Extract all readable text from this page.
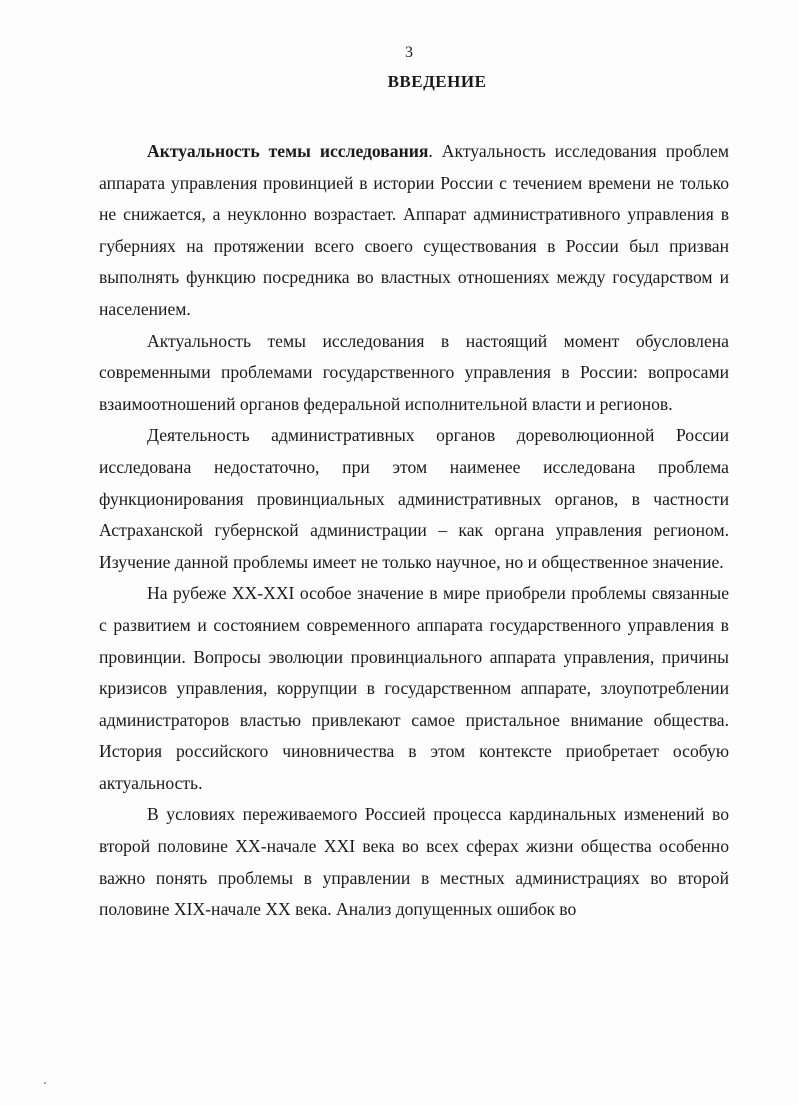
3
ВВЕДЕНИЕ

Актуальность темы исследования. Актуальность исследования проблем аппарата управления провинцией в истории России с течением времени не только не снижается, а неуклонно возрастает. Аппарат административного управления в губерниях на протяжении всего своего существования в России был призван выполнять функцию посредника во властных отношениях между государством и населением.

Актуальность темы исследования в настоящий момент обусловлена современными проблемами государственного управления в России: вопросами взаимоотношений органов федеральной исполнительной власти и регионов.

Деятельность административных органов дореволюционной России исследована недостаточно, при этом наименее исследована проблема функционирования провинциальных административных органов, в частности Астраханской губернской администрации – как органа управления регионом. Изучение данной проблемы имеет не только научное, но и общественное значение.

На рубеже XX-XXI особое значение в мире приобрели проблемы связанные с развитием и состоянием современного аппарата государственного управления в провинции. Вопросы эволюции провинциального аппарата управления, причины кризисов управления, коррупции в государственном аппарате, злоупотреблении администраторов властью привлекают самое пристальное внимание общества. История российского чиновничества в этом контексте приобретает особую актуальность.

В условиях переживаемого Россией процесса кардинальных изменений во второй половине XX-начале XXI века во всех сферах жизни общества особенно важно понять проблемы в управлении в местных администрациях во второй половине XIX-начале XX века. Анализ допущенных ошибок во
